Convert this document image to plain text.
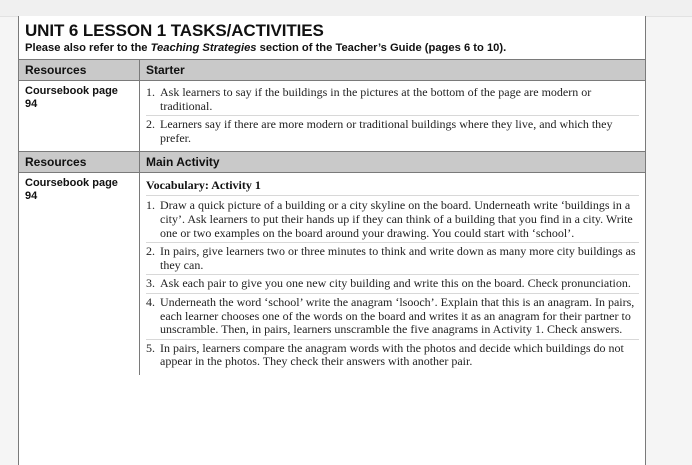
UNIT 6 LESSON 1 TASKS/ACTIVITIES
Please also refer to the Teaching Strategies section of the Teacher’s Guide (pages 6 to 10).
Resources	Starter
Coursebook page 94
1. Ask learners to say if the buildings in the pictures at the bottom of the page are modern or traditional.
2. Learners say if there are more modern or traditional buildings where they live, and which they prefer.
Resources	Main Activity
Coursebook page 94
Vocabulary: Activity 1
1. Draw a quick picture of a building or a city skyline on the board. Underneath write ‘buildings in a city’. Ask learners to put their hands up if they can think of a building that you find in a city. Write one or two examples on the board around your drawing. You could start with ‘school’.
2. In pairs, give learners two or three minutes to think and write down as many more city buildings as they can.
3. Ask each pair to give you one new city building and write this on the board. Check pronunciation.
4. Underneath the word ‘school’ write the anagram ‘lsooch’. Explain that this is an anagram. In pairs, each learner chooses one of the words on the board and writes it as an anagram for their partner to unscramble. Then, in pairs, learners unscramble the five anagrams in Activity 1. Check answers.
5. In pairs, learners compare the anagram words with the photos and decide which buildings do not appear in the photos. They check their answers with another pair.
